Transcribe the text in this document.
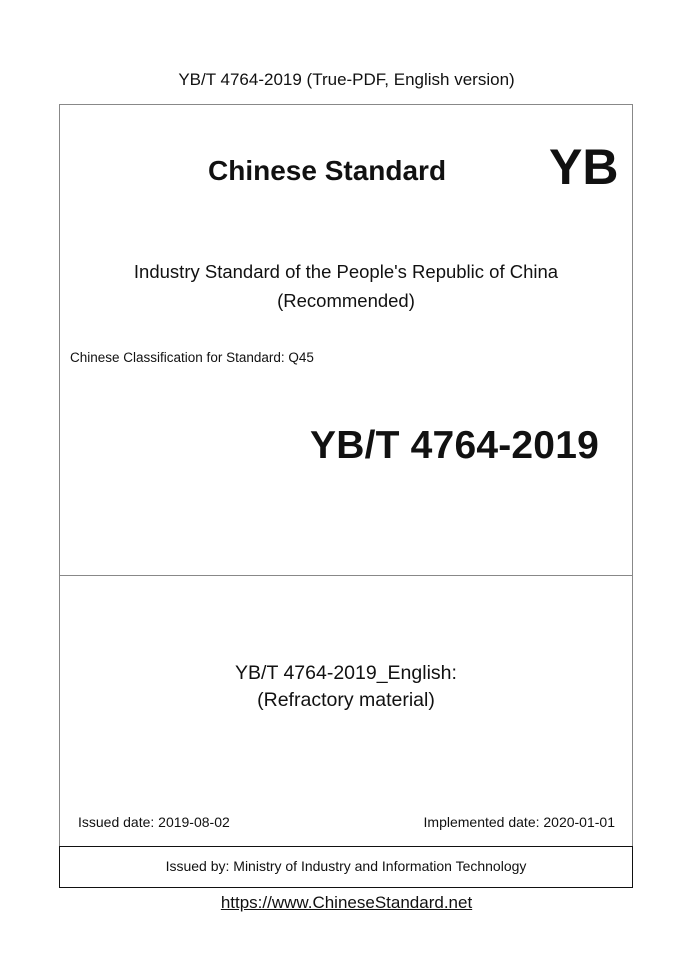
YB/T 4764-2019 (True-PDF, English version)
Chinese Standard YB
Industry Standard of the People's Republic of China
(Recommended)
Chinese Classification for Standard: Q45
YB/T 4764-2019
YB/T 4764-2019_English:
(Refractory material)
Issued date: 2019-08-02	Implemented date: 2020-01-01
Issued by: Ministry of Industry and Information Technology
https://www.ChineseStandard.net
